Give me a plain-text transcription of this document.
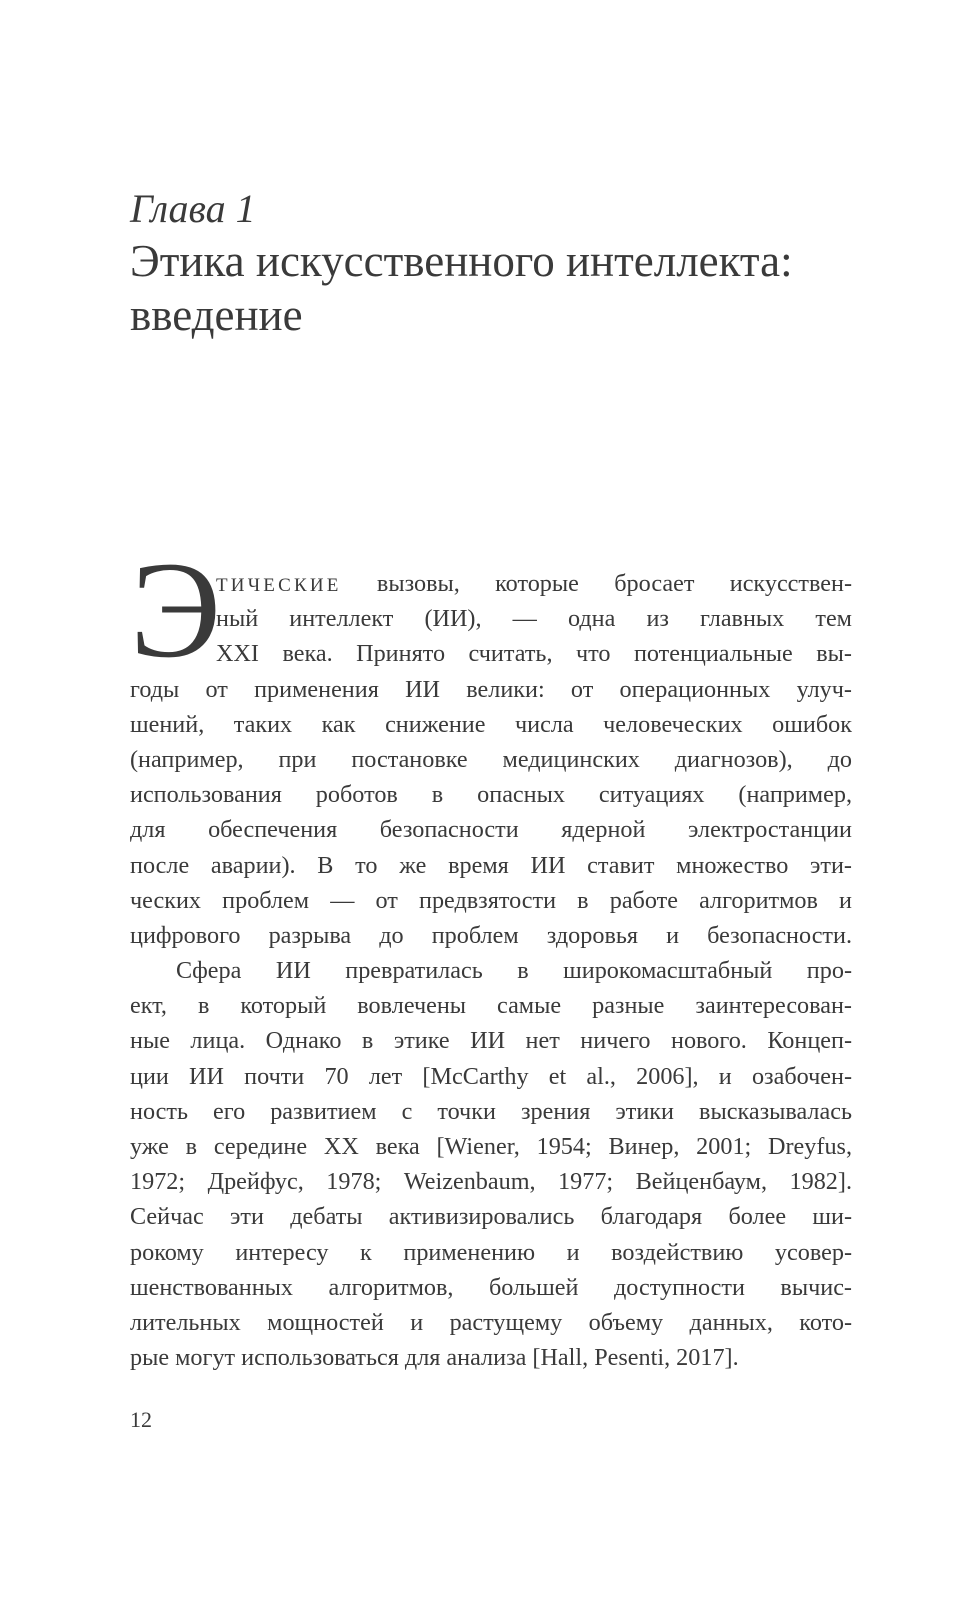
Глава 1
Этика искусственного интеллекта:
введение
Э
ТИЧЕСКИЕ вызовы, которые бросает искусствен-
ный интеллект (ИИ), — одна из главных тем
XXI века. Принято считать, что потенциальные вы-
годы от применения ИИ велики: от операционных улуч-
шений, таких как снижение числа человеческих ошибок
(например, при постановке медицинских диагнозов), до
использования роботов в опасных ситуациях (например,
для обеспечения безопасности ядерной электростанции
после аварии). В то же время ИИ ставит множество эти-
ческих проблем — от предвзятости в работе алгоритмов и
цифрового разрыва до проблем здоровья и безопасности.
Сфера ИИ превратилась в широкомасштабный про-
ект, в который вовлечены самые разные заинтересован-
ные лица. Однако в этике ИИ нет ничего нового. Концеп-
ции ИИ почти 70 лет [McCarthy et al., 2006], и озабочен-
ность его развитием с точки зрения этики высказывалась
уже в середине XX века [Wiener, 1954; Винер, 2001; Dreyfus,
1972; Дрейфус, 1978; Weizenbaum, 1977; Вейценбаум, 1982].
Сейчас эти дебаты активизировались благодаря более ши-
рокому интересу к применению и воздействию усовер-
шенствованных алгоритмов, большей доступности вычис-
лительных мощностей и растущему объему данных, кото-
рые могут использоваться для анализа [Hall, Pesenti, 2017].
12
